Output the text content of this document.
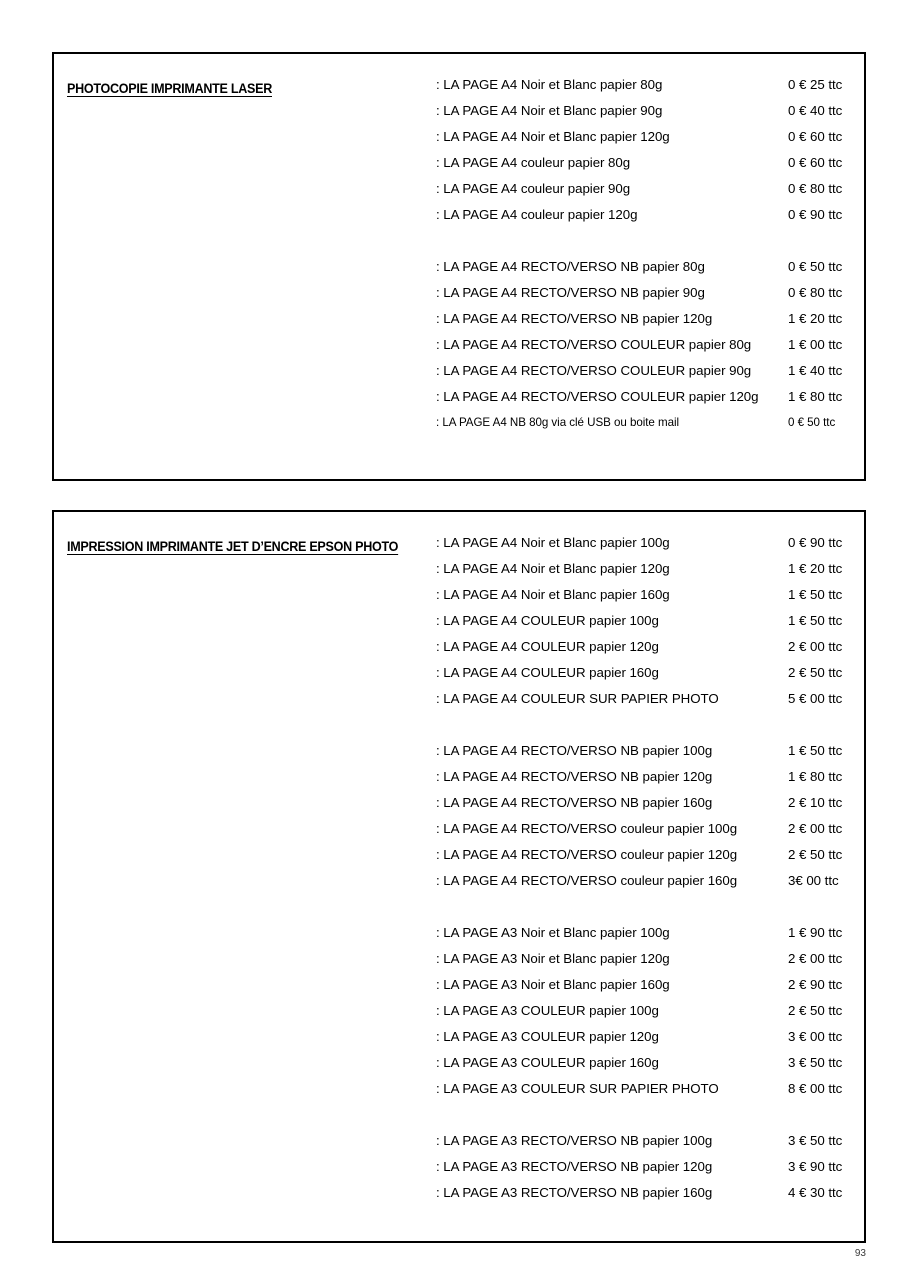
PHOTOCOPIE IMPRIMANTE LASER	: LA PAGE A4 Noir et Blanc papier 80g	0 € 25 ttc
: LA PAGE A4 Noir et Blanc papier 90g	0 € 40 ttc
: LA PAGE A4 Noir et Blanc papier 120g	0 € 60 ttc
: LA PAGE A4 couleur papier 80g	0 € 60 ttc
: LA PAGE A4 couleur papier 90g	0 € 80 ttc
: LA PAGE A4 couleur papier 120g	0 € 90 ttc
: LA PAGE A4 RECTO/VERSO NB papier 80g	0 € 50 ttc
: LA PAGE A4 RECTO/VERSO NB papier 90g	0 € 80 ttc
: LA PAGE A4 RECTO/VERSO NB papier 120g	1 € 20 ttc
: LA PAGE A4 RECTO/VERSO COULEUR papier 80g	1 € 00 ttc
: LA PAGE A4 RECTO/VERSO COULEUR papier 90g	1 € 40 ttc
: LA PAGE A4 RECTO/VERSO COULEUR papier 120g 1 € 80 ttc
: LA PAGE A4 NB 80g via clé USB ou boite mail	0 € 50 ttc
IMPRESSION IMPRIMANTE JET D’ENCRE EPSON PHOTO	: LA PAGE A4 Noir et Blanc papier 100g	0 € 90 ttc
: LA PAGE A4 Noir et Blanc papier 120g	1 € 20 ttc
: LA PAGE A4 Noir et Blanc papier 160g	1 € 50 ttc
: LA PAGE A4 COULEUR papier 100g	1 € 50 ttc
: LA PAGE A4 COULEUR papier 120g	2 € 00 ttc
: LA PAGE A4 COULEUR papier 160g	2 € 50 ttc
: LA PAGE A4 COULEUR SUR PAPIER PHOTO	5 € 00 ttc
: LA PAGE A4 RECTO/VERSO NB papier 100g	1 € 50 ttc
: LA PAGE A4 RECTO/VERSO NB papier 120g	1 € 80 ttc
: LA PAGE A4 RECTO/VERSO NB papier 160g	2 € 10 ttc
: LA PAGE A4 RECTO/VERSO couleur papier 100g	2 € 00 ttc
: LA PAGE A4 RECTO/VERSO couleur papier 120g	2 € 50 ttc
: LA PAGE A4 RECTO/VERSO couleur papier 160g	3€ 00 ttc
: LA PAGE A3 Noir et Blanc papier 100g	1 € 90 ttc
: LA PAGE A3 Noir et Blanc papier 120g	2 € 00 ttc
: LA PAGE A3 Noir et Blanc papier 160g	2 € 90 ttc
: LA PAGE A3 COULEUR papier 100g	2 € 50 ttc
: LA PAGE A3 COULEUR papier 120g	3 € 00 ttc
: LA PAGE A3 COULEUR papier 160g	3 € 50 ttc
: LA PAGE A3 COULEUR SUR PAPIER PHOTO	8 € 00 ttc
: LA PAGE A3 RECTO/VERSO NB papier 100g	3 € 50 ttc
: LA PAGE A3 RECTO/VERSO NB papier 120g	3 € 90 ttc
: LA PAGE A3 RECTO/VERSO NB papier 160g	4 € 30 ttc
93
